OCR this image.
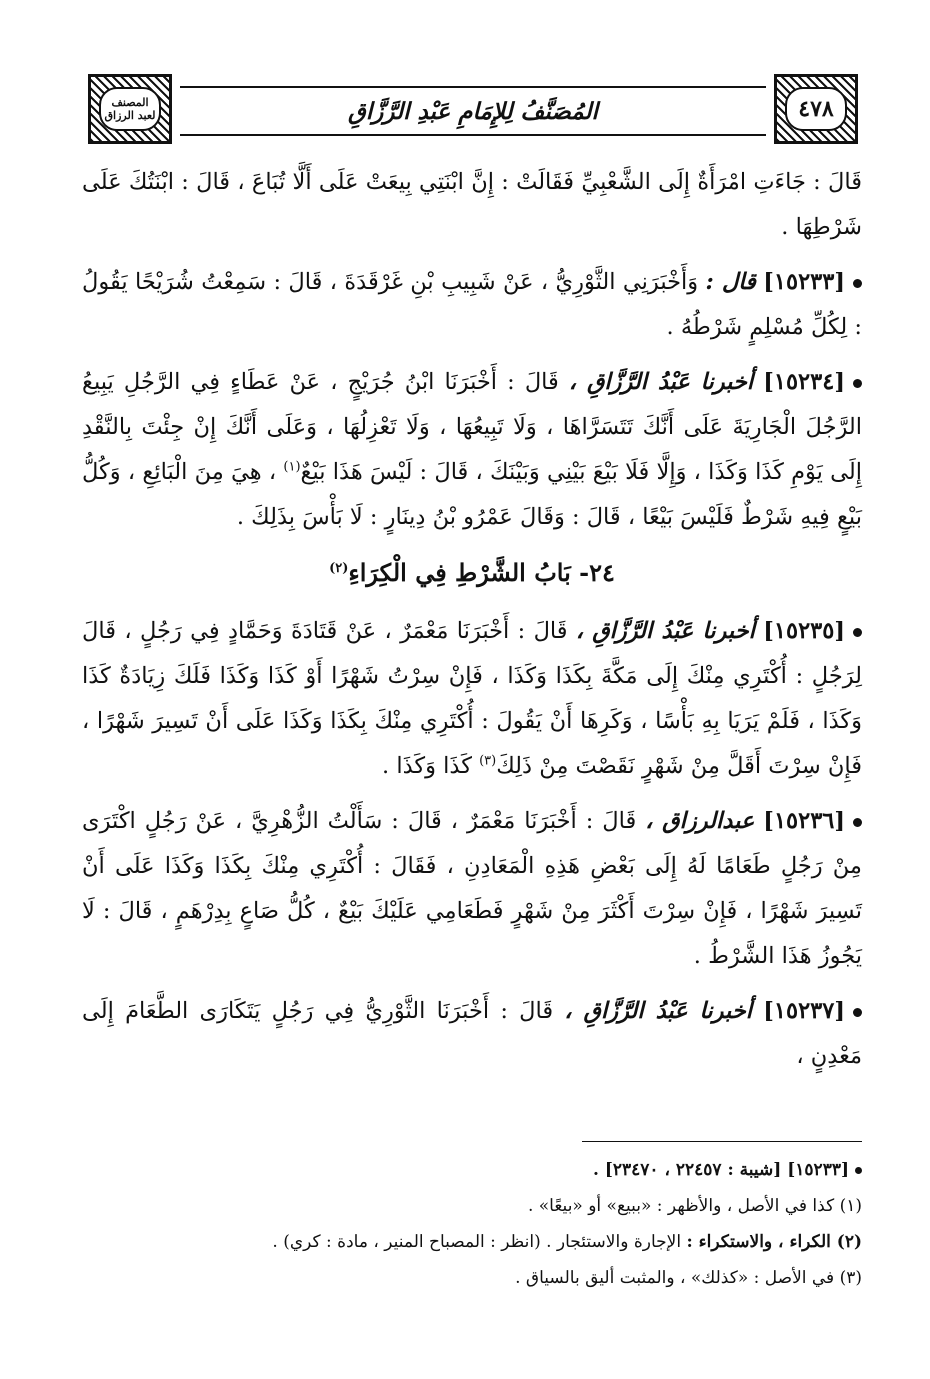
٤٧٨
المُصَنَّفُ لِلإِمَامِ عَبْدِ الرَّزَّاقِ
المصنف لعبد الرزاق

قَالَ : جَاءَتِ امْرَأَةٌ إِلَى الشَّعْبِيِّ فَقَالَتْ : إِنَّ ابْنَتِي بِيعَتْ عَلَى أَلَّا تُبَاعَ ، قَالَ : ابْنَتُكَ عَلَى شَرْطِهَا .

[١٥٢٣٣] قال : وَأَخْبَرَنِي الثَّوْرِيُّ ، عَنْ شَبِيبِ بْنِ غَرْقَدَةَ ، قَالَ : سَمِعْتُ شُرَيْحًا يَقُولُ : لِكُلِّ مُسْلِمٍ شَرْطُهُ .

[١٥٢٣٤] أخبرنا عَبْدُ الرَّزَّاقِ ، قَالَ : أَخْبَرَنَا ابْنُ جُرَيْجٍ ، عَنْ عَطَاءٍ فِي الرَّجُلِ يَبِيعُ الرَّجُلَ الْجَارِيَةَ عَلَى أَنَّكَ تَتَسَرَّاهَا ، وَلَا تَبِيعُهَا ، وَلَا تَعْزِلُهَا ، وَعَلَى أَنَّكَ إِنْ جِئْتَ بِالنَّقْدِ إِلَى يَوْمِ كَذَا وَكَذَا ، وَإِلَّا فَلَا بَيْعَ بَيْنِي وَبَيْنَكَ ، قَالَ : لَيْسَ هَذَا بَيْعٌ$^{(١)}$ ، هِيَ مِنَ الْبَائِعِ ، وَكُلُّ بَيْعٍ فِيهِ شَرْطٌ فَلَيْسَ بَيْعًا ، قَالَ : وَقَالَ عَمْرُو بْنُ دِينَارٍ : لَا بَأْسَ بِذَلِكَ .

٢٤- بَابُ الشَّرْطِ فِي الْكِرَاءِ$^{(٢)}$

[١٥٢٣٥] أخبرنا عَبْدُ الرَّزَّاقِ ، قَالَ : أَخْبَرَنَا مَعْمَرٌ ، عَنْ قَتَادَةَ وَحَمَّادٍ فِي رَجُلٍ ، قَالَ لِرَجُلٍ : أُكْتَرِي مِنْكَ إِلَى مَكَّةَ بِكَذَا وَكَذَا ، فَإِنْ سِرْتُ شَهْرًا أَوْ كَذَا وَكَذَا فَلَكَ زِيَادَةٌ كَذَا وَكَذَا ، فَلَمْ يَرَيَا بِهِ بَأْسًا ، وَكَرِهَا أَنْ يَقُولَ : أُكْتَرِي مِنْكَ بِكَذَا وَكَذَا عَلَى أَنْ تَسِيرَ شَهْرًا ، فَإِنْ سِرْتَ أَقَلَّ مِنْ شَهْرٍ نَقَصْتَ مِنْ ذَلِكَ$^{(٣)}$ كَذَا وَكَذَا .

[١٥٢٣٦] عبدالرزاق ، قَالَ : أَخْبَرَنَا مَعْمَرٌ ، قَالَ : سَأَلْتُ الزُّهْرِيَّ ، عَنْ رَجُلٍ اكْتَرَى مِنْ رَجُلٍ طَعَامًا لَهُ إِلَى بَعْضِ هَذِهِ الْمَعَادِنِ ، فَقَالَ : أُكْتَرِي مِنْكَ بِكَذَا وَكَذَا عَلَى أَنْ تَسِيرَ شَهْرًا ، فَإِنْ سِرْتَ أَكْثَرَ مِنْ شَهْرٍ فَطَعَامِي عَلَيْكَ بَيْعٌ ، كُلُّ صَاعٍ بِدِرْهَمٍ ، قَالَ : لَا يَجُوزُ هَذَا الشَّرْطُ .

[١٥٢٣٧] أخبرنا عَبْدُ الرَّزَّاقِ ، قَالَ : أَخْبَرَنَا الثَّوْرِيُّ فِي رَجُلٍ يَتَكَارَى الطَّعَامَ إِلَى مَعْدِنٍ ،

[١٥٢٣٣] [شيبة : ٢٢٤٥٧ ، ٢٣٤٧٠] .

(١) كذا في الأصل ، والأظهر : «ببيع» أو «بيعًا» .

(٢) الكراء ، والاستكراء : الإجارة والاستئجار . (انظر : المصباح المنير ، مادة : كري) .

(٣) في الأصل : «كذلك» ، والمثبت أليق بالسياق .
